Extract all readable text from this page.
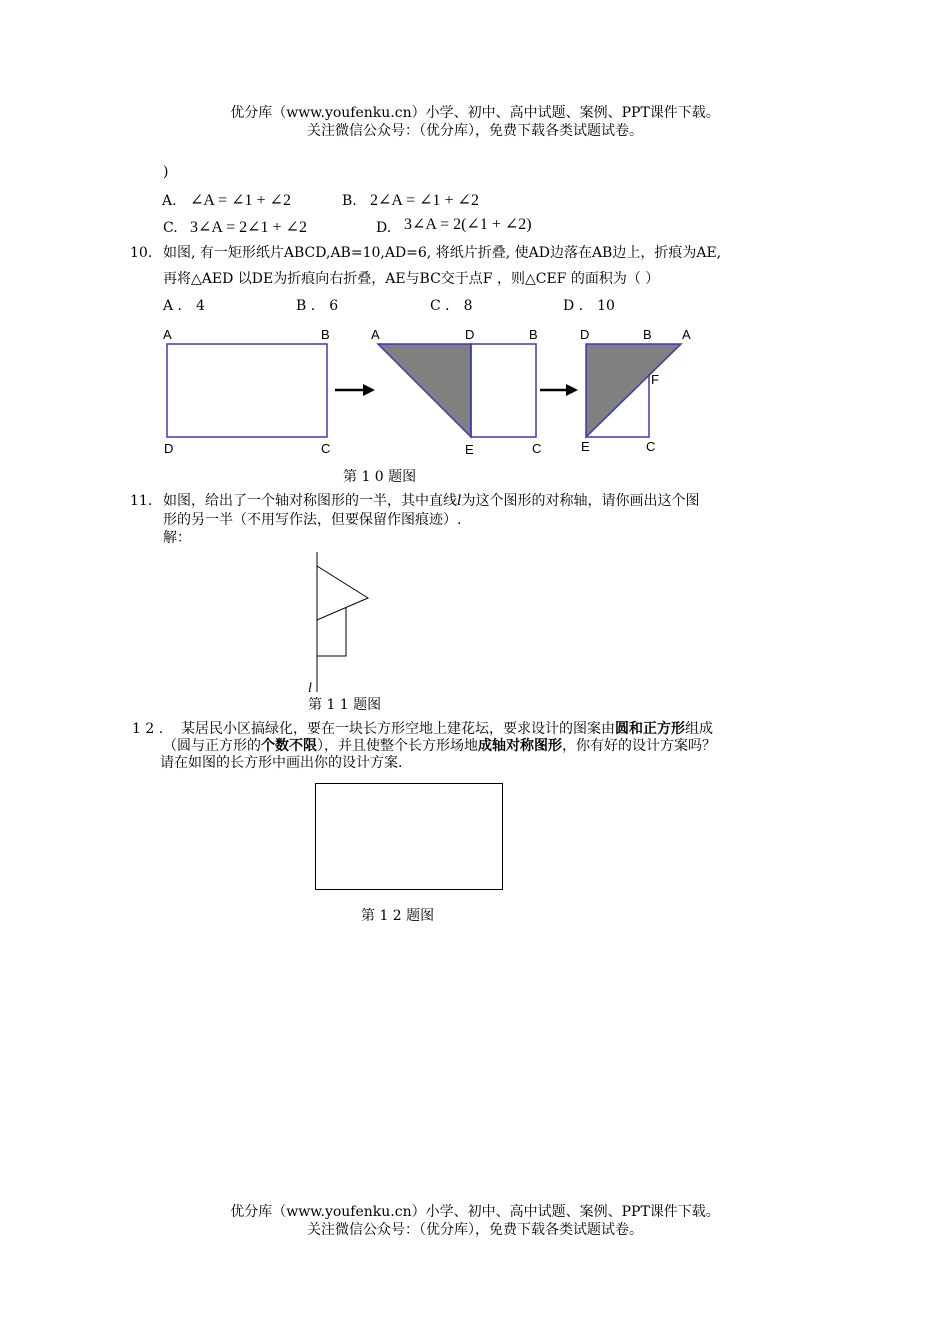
优分库（www.youfenku.cn）小学、初中、高中试题、案例、PPT课件下载。
关注微信公众号：（优分库），免费下载各类试题试卷。
)
A. ∠A = ∠1 + ∠2	B. 2∠A = ∠1 + ∠2
C. 3∠A = 2∠1 + ∠2	D. 3∠A = 2(∠1 + ∠2)
10. 如图, 有一矩形纸片ABCD,AB=10,AD=6, 将纸片折叠, 使AD边落在AB边上，折痕为AE,
再将△AED 以DE为折痕向右折叠，AE与BC交于点F ，则△CEF 的面积为（ ）
A ． 4	B ． 6	C ． 8	D ． 10
A	B
D	C
A	D	B
E	C
D	B A
F
E	C
第 1 0 题图
11. 如图，给出了一个轴对称图形的一半，其中直线l为这个图形的对称轴，请你画出这个图
形的另一半（不用写作法，但要保留作图痕迹）.
解：
l
第 1 1 题图
1 2 . 某居民小区搞绿化，要在一块长方形空地上建花坛，要求设计的图案由圆和正方形组成
（圆与正方形的个数不限），并且使整个长方形场地成轴对称图形，你有好的设计方案吗？
请在如图的长方形中画出你的设计方案.
第 1 2 题图
优分库（www.youfenku.cn）小学、初中、高中试题、案例、PPT课件下载。
关注微信公众号：（优分库），免费下载各类试题试卷。
